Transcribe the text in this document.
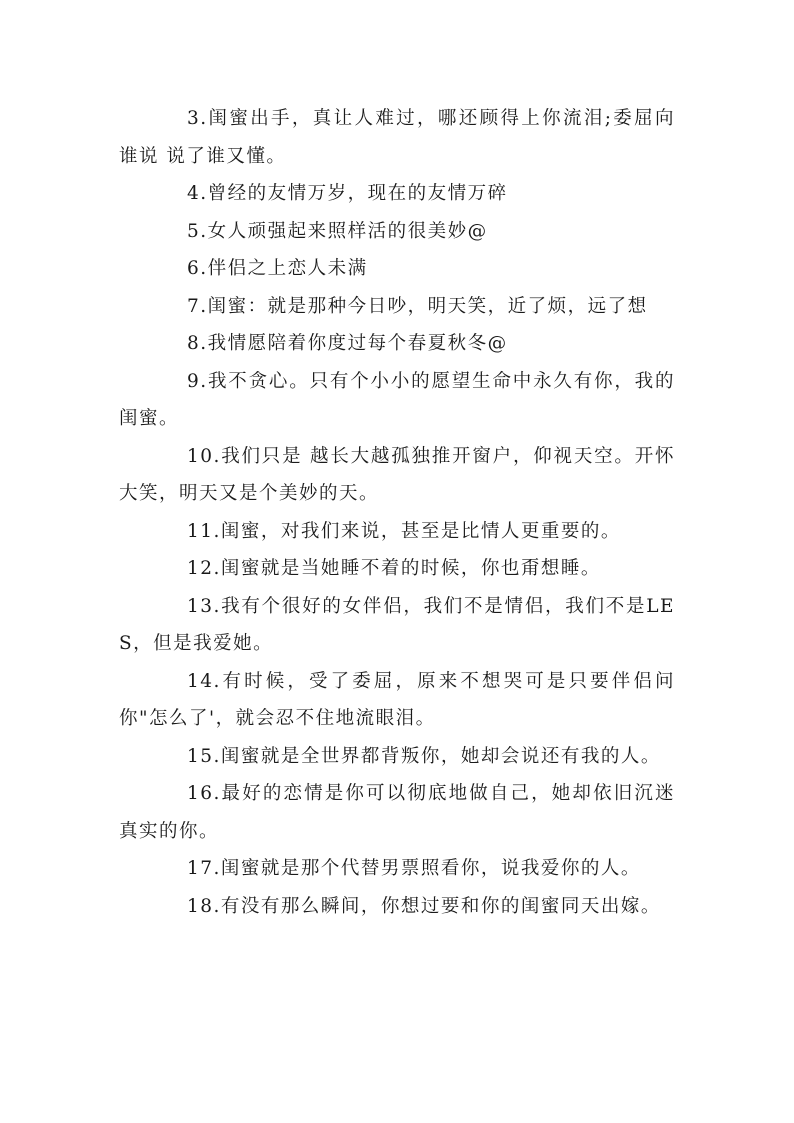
3.闺蜜出手，真让人难过，哪还顾得上你流泪;委屈向谁说 说了谁又懂。

4.曾经的友情万岁，现在的友情万碎

5.女人顽强起来照样活的很美妙@

6.伴侣之上恋人未满

7.闺蜜：就是那种今日吵，明天笑，近了烦，远了想

8.我情愿陪着你度过每个春夏秋冬@

9.我不贪心。只有个小小的愿望生命中永久有你，我的闺蜜。

10.我们只是 越长大越孤独推开窗户，仰视天空。开怀大笑，明天又是个美妙的天。

11.闺蜜，对我们来说，甚至是比情人更重要的。

12.闺蜜就是当她睡不着的时候，你也甭想睡。

13.我有个很好的女伴侣，我们不是情侣，我们不是LES，但是我爱她。

14.有时候，受了委屈，原来不想哭可是只要伴侣问你"怎么了'，就会忍不住地流眼泪。

15.闺蜜就是全世界都背叛你，她却会说还有我的人。

16.最好的恋情是你可以彻底地做自己，她却依旧沉迷真实的你。

17.闺蜜就是那个代替男票照看你，说我爱你的人。

18.有没有那么瞬间，你想过要和你的闺蜜同天出嫁。
